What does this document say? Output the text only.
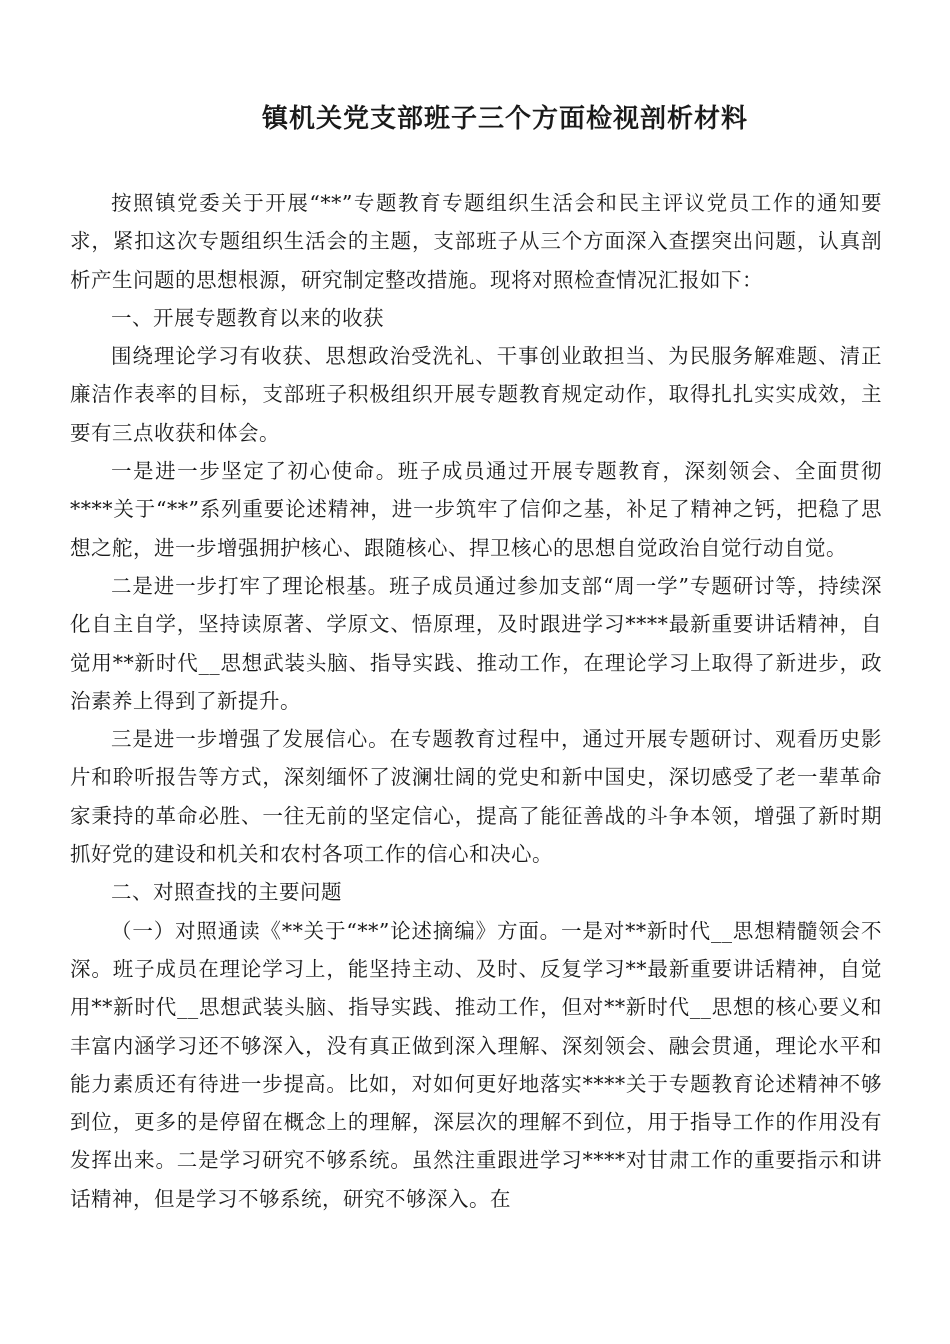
镇机关党支部班子三个方面检视剖析材料

按照镇党委关于开展“**”专题教育专题组织生活会和民主评议党员工作的通知要求，紧扣这次专题组织生活会的主题，支部班子从三个方面深入查摆突出问题，认真剖析产生问题的思想根源，研究制定整改措施。现将对照检查情况汇报如下：

一、开展专题教育以来的收获

围绕理论学习有收获、思想政治受洗礼、干事创业敢担当、为民服务解难题、清正廉洁作表率的目标，支部班子积极组织开展专题教育规定动作，取得扎扎实实成效，主要有三点收获和体会。

一是进一步坚定了初心使命。班子成员通过开展专题教育，深刻领会、全面贯彻****关于“**”系列重要论述精神，进一步筑牢了信仰之基，补足了精神之钙，把稳了思想之舵，进一步增强拥护核心、跟随核心、捍卫核心的思想自觉政治自觉行动自觉。

二是进一步打牢了理论根基。班子成员通过参加支部“周一学”专题研讨等，持续深化自主自学，坚持读原著、学原文、悟原理，及时跟进学习****最新重要讲话精神，自觉用**新时代__思想武装头脑、指导实践、推动工作，在理论学习上取得了新进步，政治素养上得到了新提升。

三是进一步增强了发展信心。在专题教育过程中，通过开展专题研讨、观看历史影片和聆听报告等方式，深刻缅怀了波澜壮阔的党史和新中国史，深切感受了老一辈革命家秉持的革命必胜、一往无前的坚定信心，提高了能征善战的斗争本领，增强了新时期抓好党的建设和机关和农村各项工作的信心和决心。

二、对照查找的主要问题

（一）对照通读《**关于“**”论述摘编》方面。一是对**新时代__思想精髓领会不深。班子成员在理论学习上，能坚持主动、及时、反复学习**最新重要讲话精神，自觉用**新时代__思想武装头脑、指导实践、推动工作，但对**新时代__思想的核心要义和丰富内涵学习还不够深入，没有真正做到深入理解、深刻领会、融会贯通，理论水平和能力素质还有待进一步提高。比如，对如何更好地落实****关于专题教育论述精神不够到位，更多的是停留在概念上的理解，深层次的理解不到位，用于指导工作的作用没有发挥出来。二是学习研究不够系统。虽然注重跟进学习****对甘肃工作的重要指示和讲话精神，但是学习不够系统，研究不够深入。在
